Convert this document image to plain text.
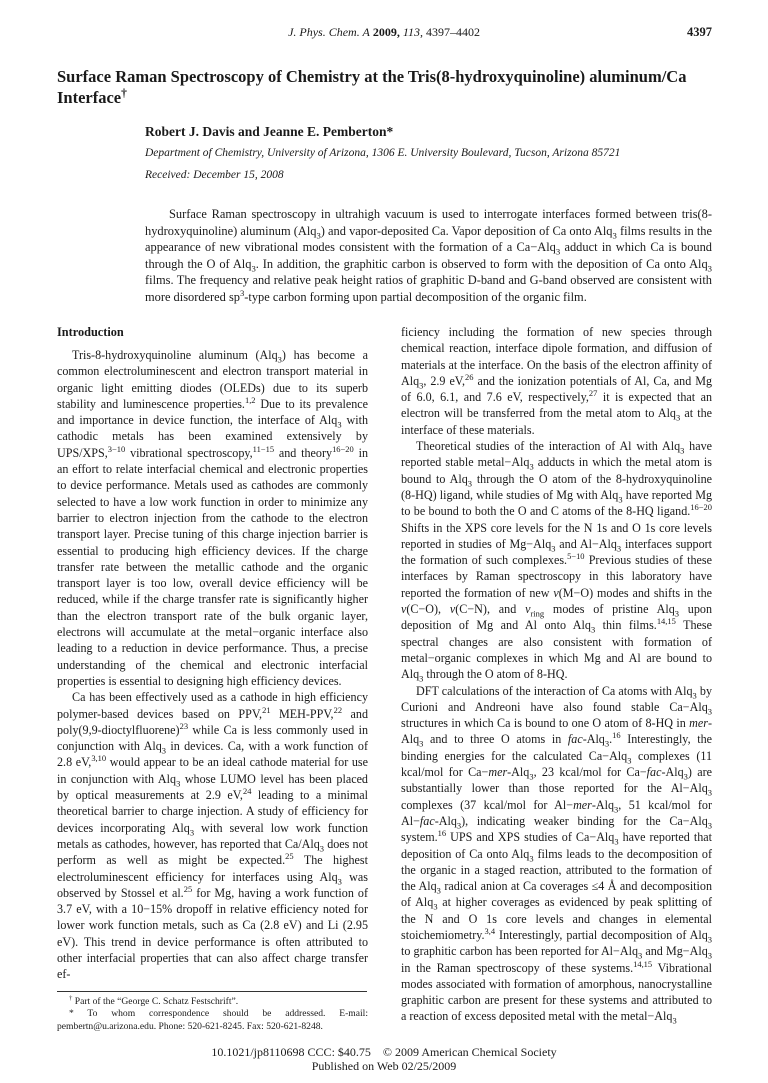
J. Phys. Chem. A 2009, 113, 4397–4402	4397
Surface Raman Spectroscopy of Chemistry at the Tris(8-hydroxyquinoline) aluminum/Ca Interface†
Robert J. Davis and Jeanne E. Pemberton*
Department of Chemistry, University of Arizona, 1306 E. University Boulevard, Tucson, Arizona 85721
Received: December 15, 2008
Surface Raman spectroscopy in ultrahigh vacuum is used to interrogate interfaces formed between tris(8-hydroxyquinoline) aluminum (Alq$_3$) and vapor-deposited Ca. Vapor deposition of Ca onto Alq$_3$ films results in the appearance of new vibrational modes consistent with the formation of a Ca−Alq$_3$ adduct in which Ca is bound through the O of Alq$_3$. In addition, the graphitic carbon is observed to form with the deposition of Ca onto Alq$_3$ films. The frequency and relative peak height ratios of graphitic D-band and G-band observed are consistent with more disordered $sp^3$-type carbon forming upon partial decomposition of the organic film.
Introduction

Tris-8-hydroxyquinoline aluminum (Alq$_3$) has become a common electroluminescent and electron transport material in organic light emitting diodes (OLEDs) due to its superb stability and luminescence properties.$^{1,2}$ Due to its prevalence and importance in device function, the interface of Alq$_3$ with cathodic metals has been examined extensively by UPS/XPS,$^{3-10}$ vibrational spectroscopy,$^{11-15}$ and theory$^{16-20}$ in an effort to relate interfacial chemical and electronic properties to device performance. Metals used as cathodes are commonly selected to have a low work function in order to minimize any barrier to electron injection from the cathode to the electron transport layer. Precise tuning of this charge injection barrier is essential to producing high efficiency devices. If the charge transfer rate between the metallic cathode and the organic transport layer is too low, overall device efficiency will be reduced, while if the charge transfer rate is significantly higher than the electron transport rate of the bulk organic layer, electrons will accumulate at the metal−organic interface also leading to a reduction in device performance. Thus, a precise understanding of the chemical and electronic interfacial properties is essential to designing high efficiency devices.

Ca has been effectively used as a cathode in high efficiency polymer-based devices based on PPV,$^{21}$ MEH-PPV,$^{22}$ and poly(9,9-dioctylfluorene)$^{23}$ while Ca is less commonly used in conjunction with Alq$_3$ in devices. Ca, with a work function of 2.8 eV,$^{3,10}$ would appear to be an ideal cathode material for use in conjunction with Alq$_3$ whose LUMO level has been placed by optical measurements at 2.9 eV,$^{24}$ leading to a minimal theoretical barrier to charge injection. A study of efficiency for devices incorporating Alq$_3$ with several low work function metals as cathodes, however, has reported that Ca/Alq$_3$ does not perform as well as might be expected.$^{25}$ The highest electroluminescent efficiency for interfaces using Alq$_3$ was observed by Stossel et al.$^{25}$ for Mg, having a work function of 3.7 eV, with a 10−15% dropoff in relative efficiency noted for lower work function metals, such as Ca (2.8 eV) and Li (2.95 eV). This trend in device performance is often attributed to other interfacial properties that can also affect charge transfer ef-

† Part of the “George C. Schatz Festschrift”.

* To whom correspondence should be addressed. E-mail: pembertn@u.arizona.edu. Phone: 520-621-8245. Fax: 520-621-8248.

ficiency including the formation of new species through chemical reaction, interface dipole formation, and diffusion of materials at the interface. On the basis of the electron affinity of Alq$_3$, 2.9 eV,$^{26}$ and the ionization potentials of Al, Ca, and Mg of 6.0, 6.1, and 7.6 eV, respectively,$^{27}$ it is expected that an electron will be transferred from the metal atom to Alq$_3$ at the interface of these materials.

Theoretical studies of the interaction of Al with Alq$_3$ have reported stable metal−Alq$_3$ adducts in which the metal atom is bound to Alq$_3$ through the O atom of the 8-hydroxyquinoline (8-HQ) ligand, while studies of Mg with Alq$_3$ have reported Mg to be bound to both the O and C atoms of the 8-HQ ligand.$^{16-20}$ Shifts in the XPS core levels for the N 1s and O 1s core levels reported in studies of Mg−Alq$_3$ and Al−Alq$_3$ interfaces support the formation of such complexes.$^{5-10}$ Previous studies of these interfaces by Raman spectroscopy in this laboratory have reported the formation of new ν(M−O) modes and shifts in the ν(C−O), ν(C−N), and $\nu_{ring}$ modes of pristine Alq$_3$ upon deposition of Mg and Al onto Alq$_3$ thin films.$^{14,15}$ These spectral changes are also consistent with formation of metal−organic complexes in which Mg and Al are bound to Alq$_3$ through the O atom of 8-HQ.

DFT calculations of the interaction of Ca atoms with Alq$_3$ by Curioni and Andreoni have also found stable Ca−Alq$_3$ structures in which Ca is bound to one O atom of 8-HQ in mer-Alq$_3$ and to three O atoms in fac-Alq$_3$.$^{16}$ Interestingly, the binding energies for the calculated Ca−Alq$_3$ complexes (11 kcal/mol for Ca−mer-Alq$_3$, 23 kcal/mol for Ca−fac-Alq$_3$) are substantially lower than those reported for the Al−Alq$_3$ complexes (37 kcal/mol for Al−mer-Alq$_3$, 51 kcal/mol for Al−fac-Alq$_3$), indicating weaker binding for the Ca−Alq$_3$ system.$^{16}$ UPS and XPS studies of Ca−Alq$_3$ have reported that deposition of Ca onto Alq$_3$ films leads to the decomposition of the organic in a staged reaction, attributed to the formation of the Alq$_3$ radical anion at Ca coverages ≤4 Å and decomposition of Alq$_3$ at higher coverages as evidenced by peak splitting of the N and O 1s core levels and changes in elemental stoichemiometry.$^{3,4}$ Interestingly, partial decomposition of Alq$_3$ to graphitic carbon has been reported for Al−Alq$_3$ and Mg−Alq$_3$ in the Raman spectroscopy of these systems.$^{14,15}$ Vibrational modes associated with formation of amorphous, nanocrystalline graphitic carbon are present for these systems and attributed to a reaction of excess deposited metal with the metal−Alq$_3$

10.1021/jp8110698 CCC: $40.75 © 2009 American Chemical Society
Published on Web 02/25/2009
